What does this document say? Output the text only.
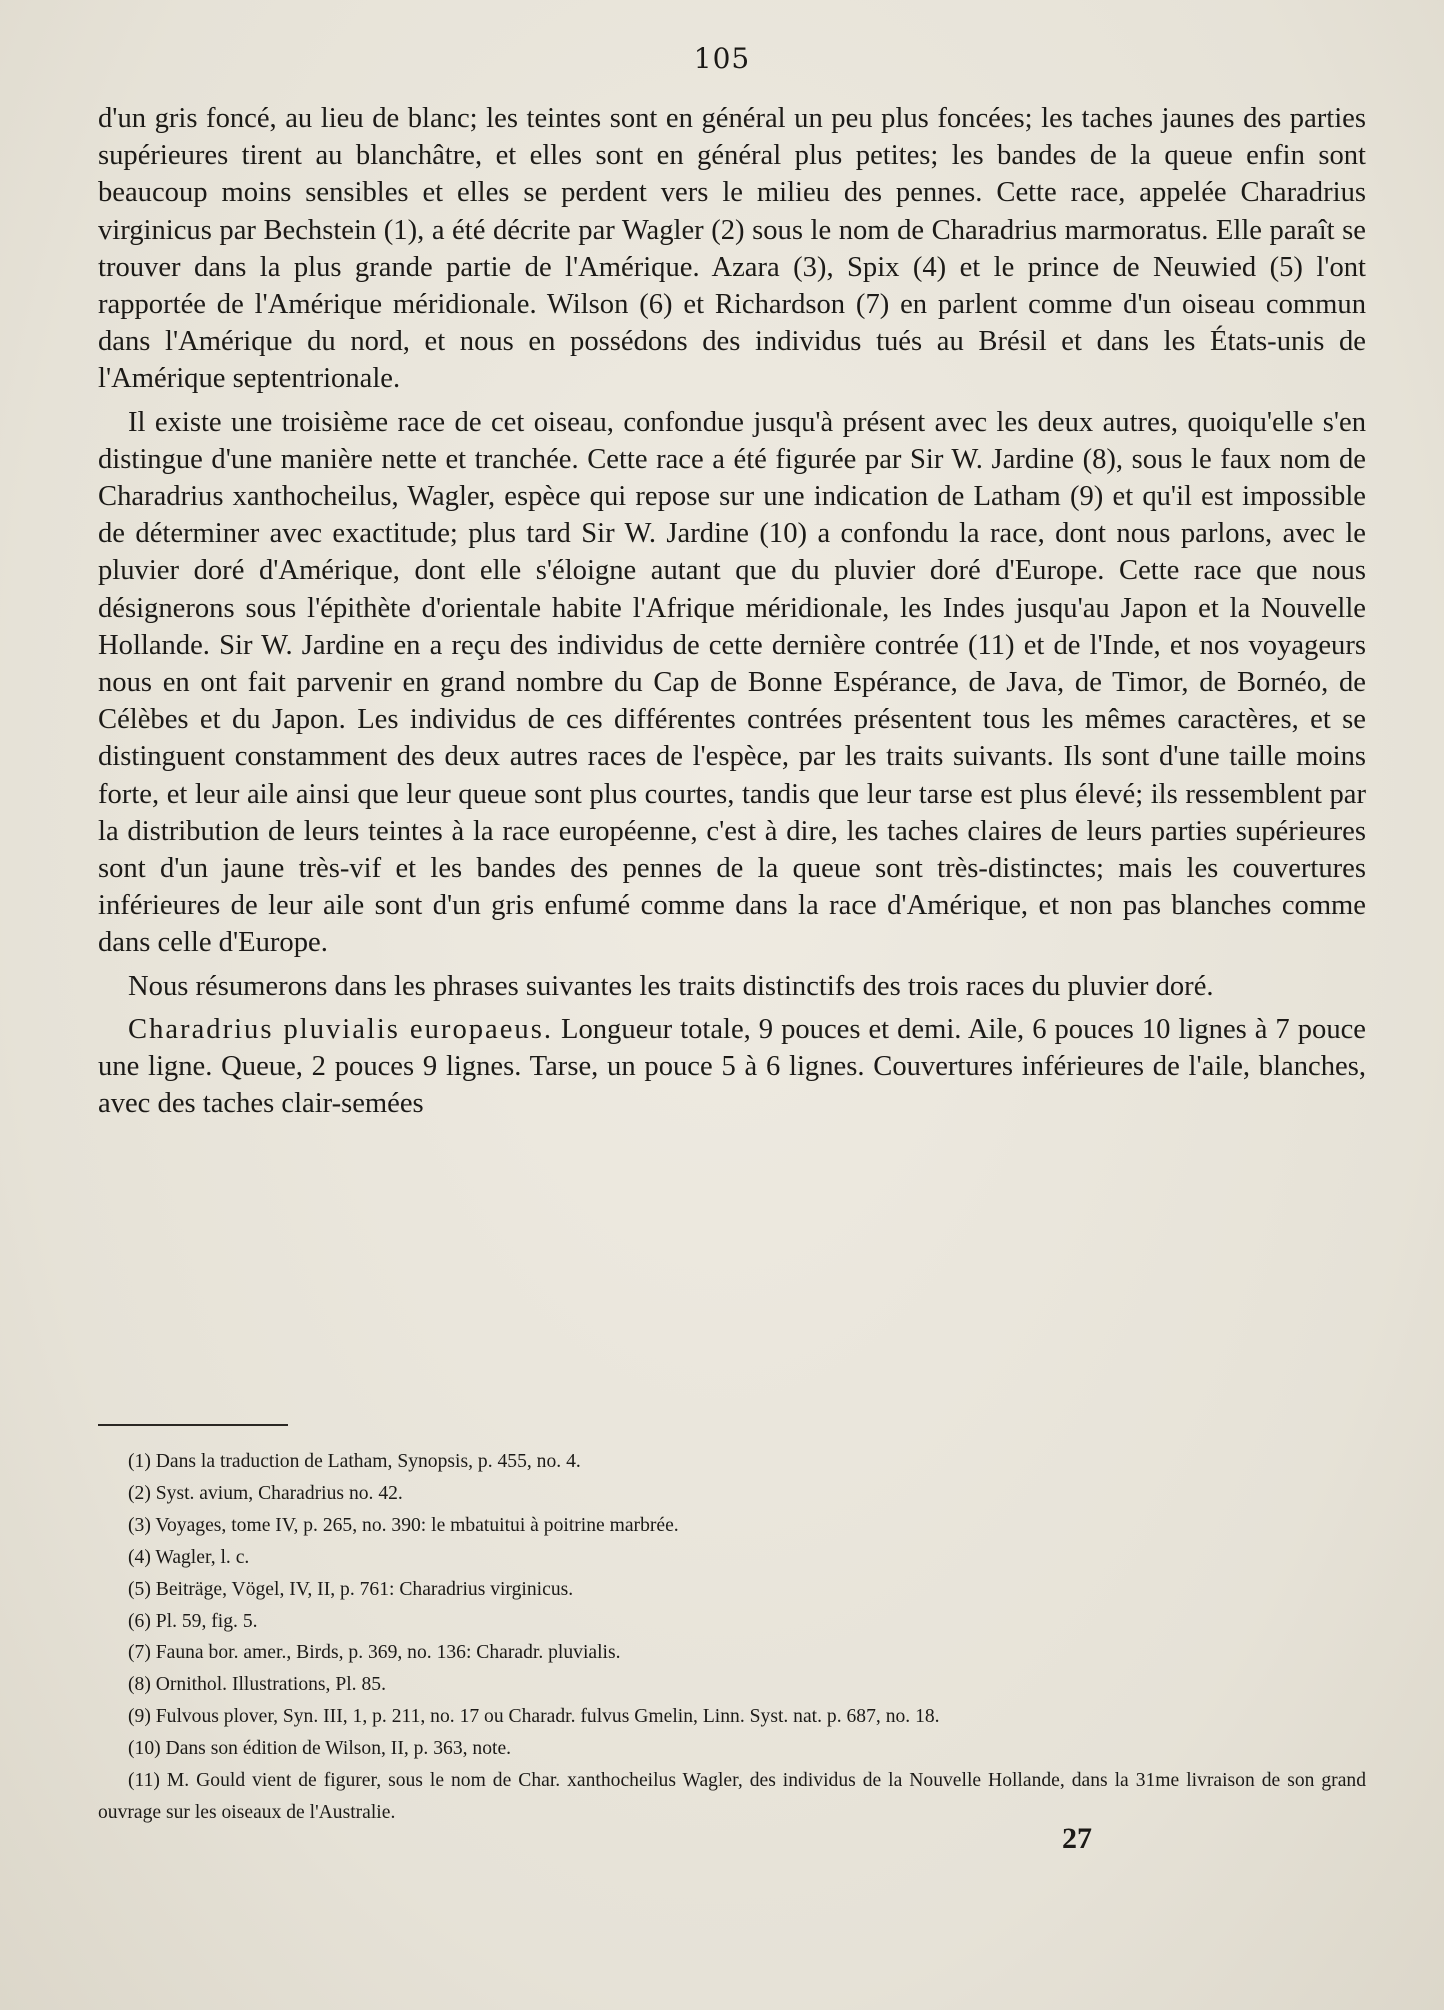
105

d'un gris foncé, au lieu de blanc; les teintes sont en général un peu plus foncées; les taches jaunes des parties supérieures tirent au blanchâtre, et elles sont en général plus petites; les bandes de la queue enfin sont beaucoup moins sensibles et elles se perdent vers le milieu des pennes. Cette race, appelée Charadrius virginicus par Bechstein (1), a été décrite par Wagler (2) sous le nom de Charadrius marmoratus. Elle paraît se trouver dans la plus grande partie de l'Amérique. Azara (3), Spix (4) et le prince de Neuwied (5) l'ont rapportée de l'Amérique méridionale. Wilson (6) et Richardson (7) en parlent comme d'un oiseau commun dans l'Amérique du nord, et nous en possédons des individus tués au Brésil et dans les États-unis de l'Amérique septentrionale.

Il existe une troisième race de cet oiseau, confondue jusqu'à présent avec les deux autres, quoiqu'elle s'en distingue d'une manière nette et tranchée. Cette race a été figurée par Sir W. Jardine (8), sous le faux nom de Charadrius xanthocheilus, Wagler, espèce qui repose sur une indication de Latham (9) et qu'il est impossible de déterminer avec exactitude; plus tard Sir W. Jardine (10) a confondu la race, dont nous parlons, avec le pluvier doré d'Amérique, dont elle s'éloigne autant que du pluvier doré d'Europe. Cette race que nous désignerons sous l'épithète d'orientale habite l'Afrique méridionale, les Indes jusqu'au Japon et la Nouvelle Hollande. Sir W. Jardine en a reçu des individus de cette dernière contrée (11) et de l'Inde, et nos voyageurs nous en ont fait parvenir en grand nombre du Cap de Bonne Espérance, de Java, de Timor, de Bornéo, de Célèbes et du Japon. Les individus de ces différentes contrées présentent tous les mêmes caractères, et se distinguent constamment des deux autres races de l'espèce, par les traits suivants. Ils sont d'une taille moins forte, et leur aile ainsi que leur queue sont plus courtes, tandis que leur tarse est plus élevé; ils ressemblent par la distribution de leurs teintes à la race européenne, c'est à dire, les taches claires de leurs parties supérieures sont d'un jaune très-vif et les bandes des pennes de la queue sont très-distinctes; mais les couvertures inférieures de leur aile sont d'un gris enfumé comme dans la race d'Amérique, et non pas blanches comme dans celle d'Europe.

Nous résumerons dans les phrases suivantes les traits distinctifs des trois races du pluvier doré.

Charadrius pluvialis europaeus. Longueur totale, 9 pouces et demi. Aile, 6 pouces 10 lignes à 7 pouce une ligne. Queue, 2 pouces 9 lignes. Tarse, un pouce 5 à 6 lignes. Couvertures inférieures de l'aile, blanches, avec des taches clair-semées

(1) Dans la traduction de Latham, Synopsis, p. 455, no. 4.

(2) Syst. avium, Charadrius no. 42.

(3) Voyages, tome IV, p. 265, no. 390: le mbatuitui à poitrine marbrée.

(4) Wagler, l. c.

(5) Beiträge, Vögel, IV, II, p. 761: Charadrius virginicus.

(6) Pl. 59, fig. 5.

(7) Fauna bor. amer., Birds, p. 369, no. 136: Charadr. pluvialis.

(8) Ornithol. Illustrations, Pl. 85.

(9) Fulvous plover, Syn. III, 1, p. 211, no. 17 ou Charadr. fulvus Gmelin, Linn. Syst. nat. p. 687, no. 18.

(10) Dans son édition de Wilson, II, p. 363, note.

(11) M. Gould vient de figurer, sous le nom de Char. xanthocheilus Wagler, des individus de la Nouvelle Hollande, dans la 31me livraison de son grand ouvrage sur les oiseaux de l'Australie.

27
